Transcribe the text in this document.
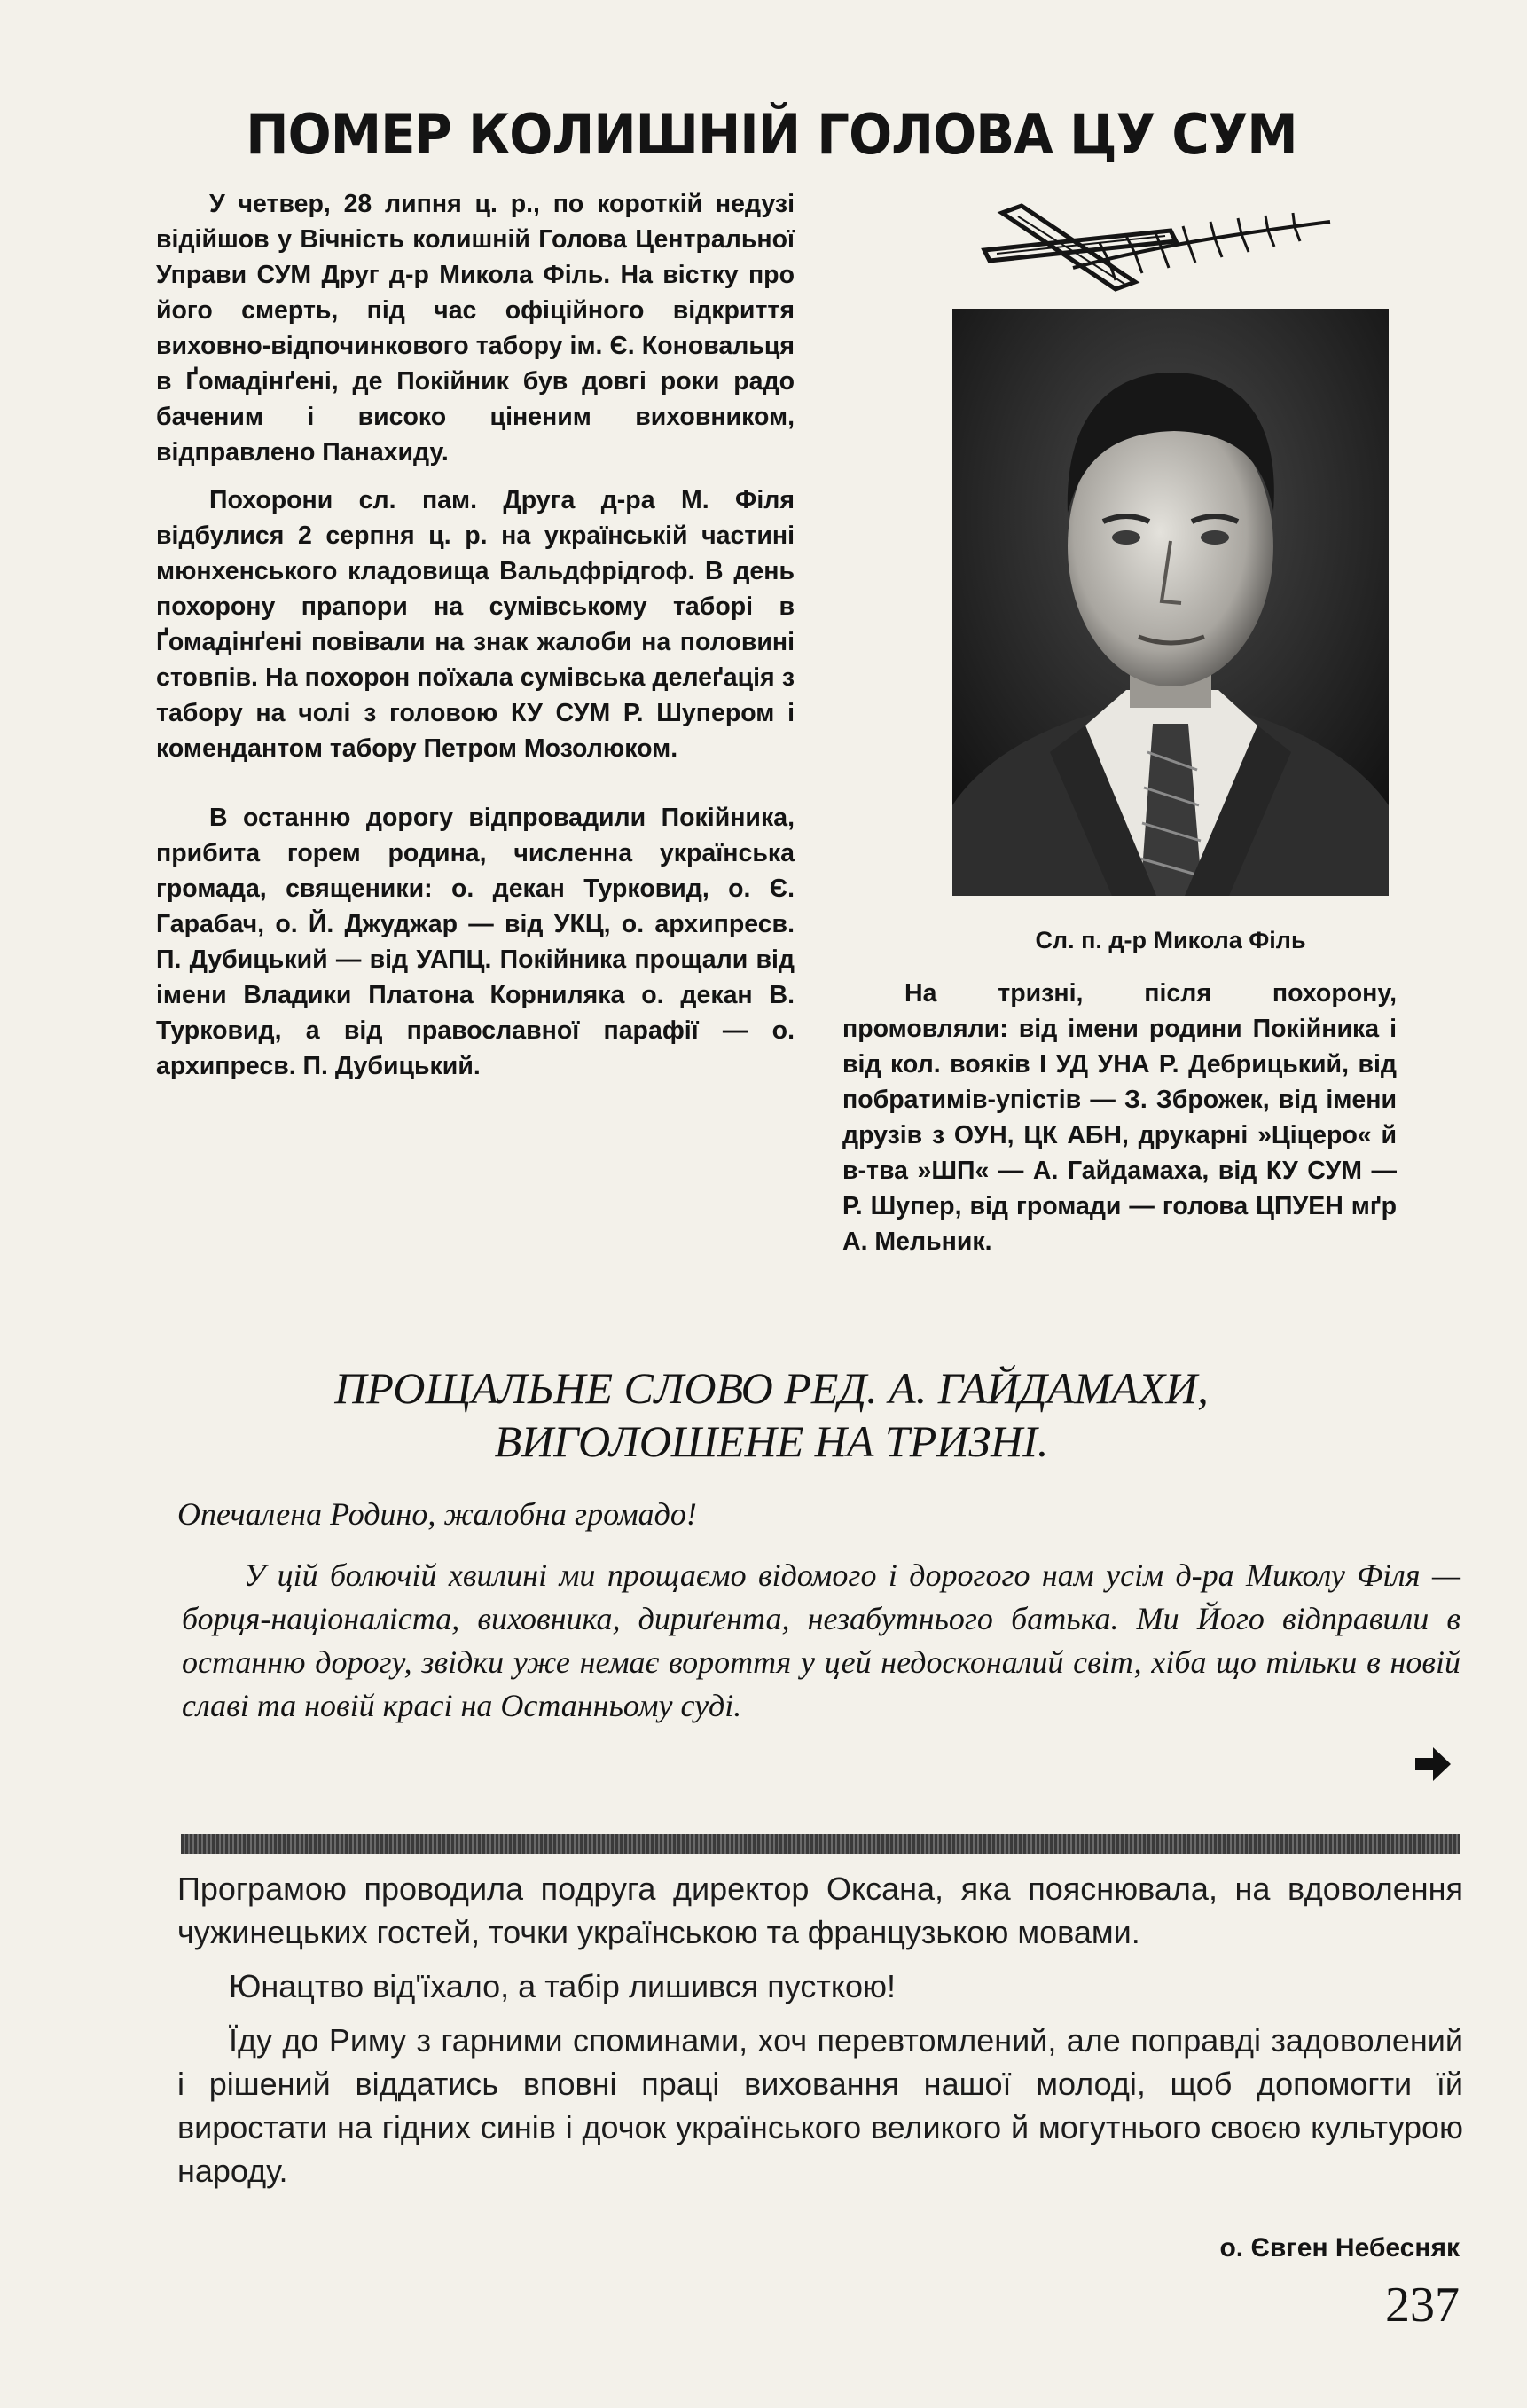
ПОМЕР КОЛИШНІЙ ГОЛОВА ЦУ СУМ

У четвер, 28 липня ц. р., по короткій недузі відійшов у Вічність колишній Голова Центральної Управи СУМ Друг д-р Микола Філь. На вістку про його смерть, під час офіційного відкриття виховно-відпочинкового табору ім. Є. Коновальця в Ґомадінґені, де Покійник був довгі роки радо баченим і високо цінeним виховником, відправлено Панахиду.

Похорони сл. пам. Друга д-ра М. Філя відбулися 2 серпня ц. р. на українській частині мюнхенського кладовища Вальдфрідгоф. В день похорону прапори на сумівському таборі в Ґомадінґені повівали на знак жалоби на половині стовпів. На похорон поїхала сумівська делеґація з табору на чолі з головою КУ СУМ Р. Шупером і комендантом табору Петром Мозолюком.

В останню дорогу відпровадили Покійника, прибита горем родина, численна українська громада, священики: о. декан Турковид, о. Є. Гарабач, о. Й. Джуджар — від УКЦ, о. архипресв. П. Дубицький — від УАПЦ. Покійника прощали від імени Владики Платона Корниляка о. декан В. Турковид, а від православної парафії — о. архипресв. П. Дубицький.

Сл. п. д-р Микола Філь

На тризні, після похорону, промовляли: від імени родини Покійника і від кол. вояків І УД УНА Р. Дебрицький, від побратимів-упістів — З. Зброжек, від імени друзів з ОУН, ЦК АБН, друкарні »Ціцеро« й в-тва »ШП« — А. Гайдамаха, від КУ СУМ — Р. Шупер, від громади — голова ЦПУЕН мґр А. Мельник.

ПРОЩАЛЬНЕ СЛОВО РЕД. А. ГАЙДАМАХИ, ВИГОЛОШЕНЕ НА ТРИЗНІ.

Опечалена Родино, жалобна громадо!

У цій болючій хвилині ми прощаємо відомого і дорогого нам усім д-ра Миколу Філя — борця-націоналіста, виховника, дириґента, незабутнього батька. Ми Його відправили в останню дорогу, звідки уже немає вороття у цей недосконалий світ, хіба що тільки в новій славі та новій красі на Останньому суді.

Програмою проводила подруга директор Оксана, яка пояснювала, на вдоволення чужинецьких гостей, точки українською та французькою мовами.

Юнацтво від'їхало, а табір лишився пусткою!

Їду до Риму з гарними споминами, хоч перевтомлений, але поправді задоволений і рішений віддатись вповні праці виховання нашої молоді, щоб допомогти їй виростати на гідних синів і дочок українського великого й могутнього своєю культурою народу.

о. Євген Небесняк

237
